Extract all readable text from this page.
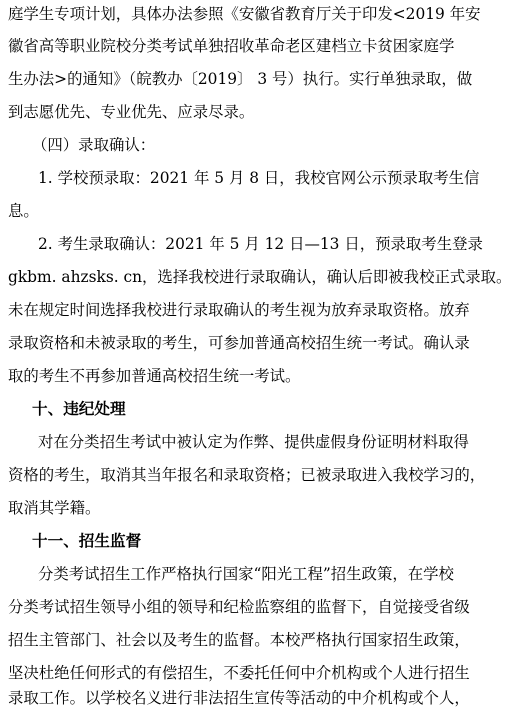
庭学生专项计划，具体办法参照《安徽省教育厅关于印发<2019 年安
徽省高等职业院校分类考试单独招收革命老区建档立卡贫困家庭学
生办法>的通知》（皖教办〔2019〕 3 号）执行。实行单独录取，做
到志愿优先、专业优先、应录尽录。
（四）录取确认：
1. 学校预录取：2021 年 5 月 8 日，我校官网公示预录取考生信
息。
2. 考生录取确认：2021 年 5 月 12 日—13 日，预录取考生登录
gkbm. ahzsks. cn，选择我校进行录取确认，确认后即被我校正式录取。
未在规定时间选择我校进行录取确认的考生视为放弃录取资格。放弃
录取资格和未被录取的考生，可参加普通高校招生统一考试。确认录
取的考生不再参加普通高校招生统一考试。
十、违纪处理
对在分类招生考试中被认定为作弊、提供虚假身份证明材料取得
资格的考生，取消其当年报名和录取资格；已被录取进入我校学习的，
取消其学籍。
十一、招生监督
分类考试招生工作严格执行国家“阳光工程”招生政策，在学校
分类考试招生领导小组的领导和纪检监察组的监督下，自觉接受省级
招生主管部门、社会以及考生的监督。本校严格执行国家招生政策，
坚决杜绝任何形式的有偿招生，不委托任何中介机构或个人进行招生
录取工作。以学校名义进行非法招生宣传等活动的中介机构或个人，
